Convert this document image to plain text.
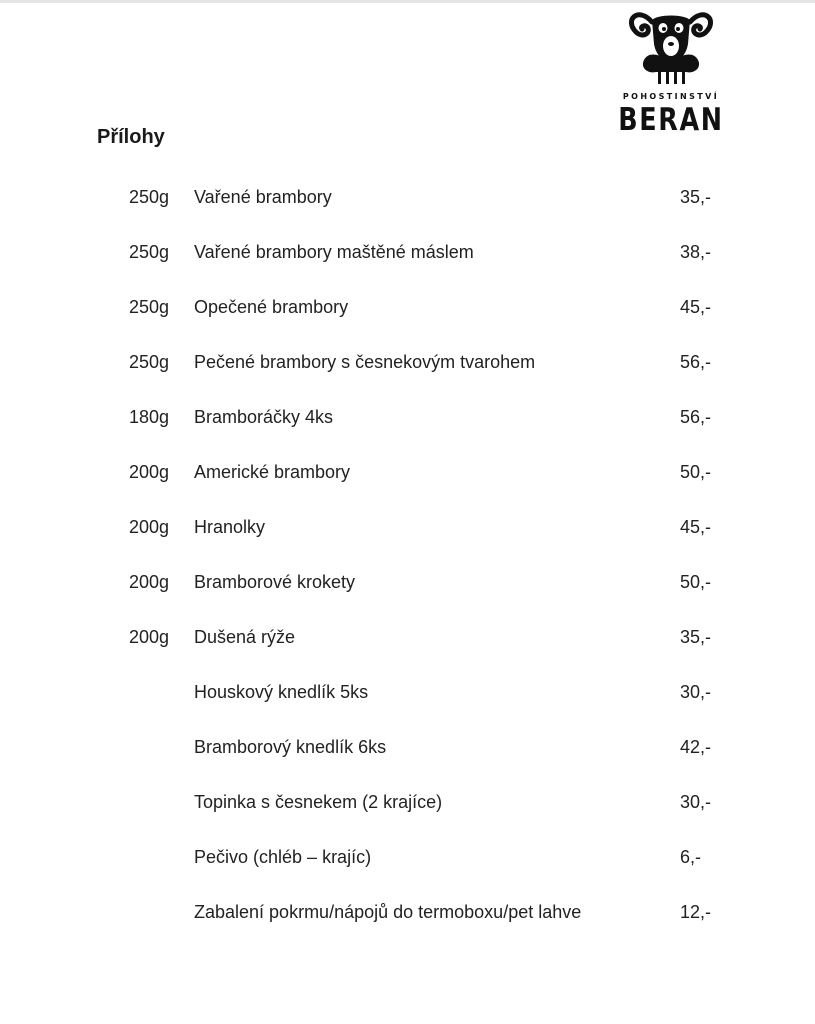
POHOSTINSTVÍ
BERAN
Přílohy
250g Vařené brambory	35,-
250g Vařené brambory maštěné máslem	38,-
250g Opečené brambory	45,-
250g Pečené brambory s česnekovým tvarohem	56,-
180g Bramboráčky 4ks	56,-
200g Americké brambory	50,-
200g Hranolky	45,-
200g Bramborové krokety	50,-
200g Dušená rýže	35,-
Houskový knedlík 5ks	30,-
Bramborový knedlík 6ks	42,-
Topinka s česnekem (2 krajíce)	30,-
Pečivo (chléb – krajíc)	6,-
Zabalení pokrmu/nápojů do termoboxu/pet lahve	12,-
